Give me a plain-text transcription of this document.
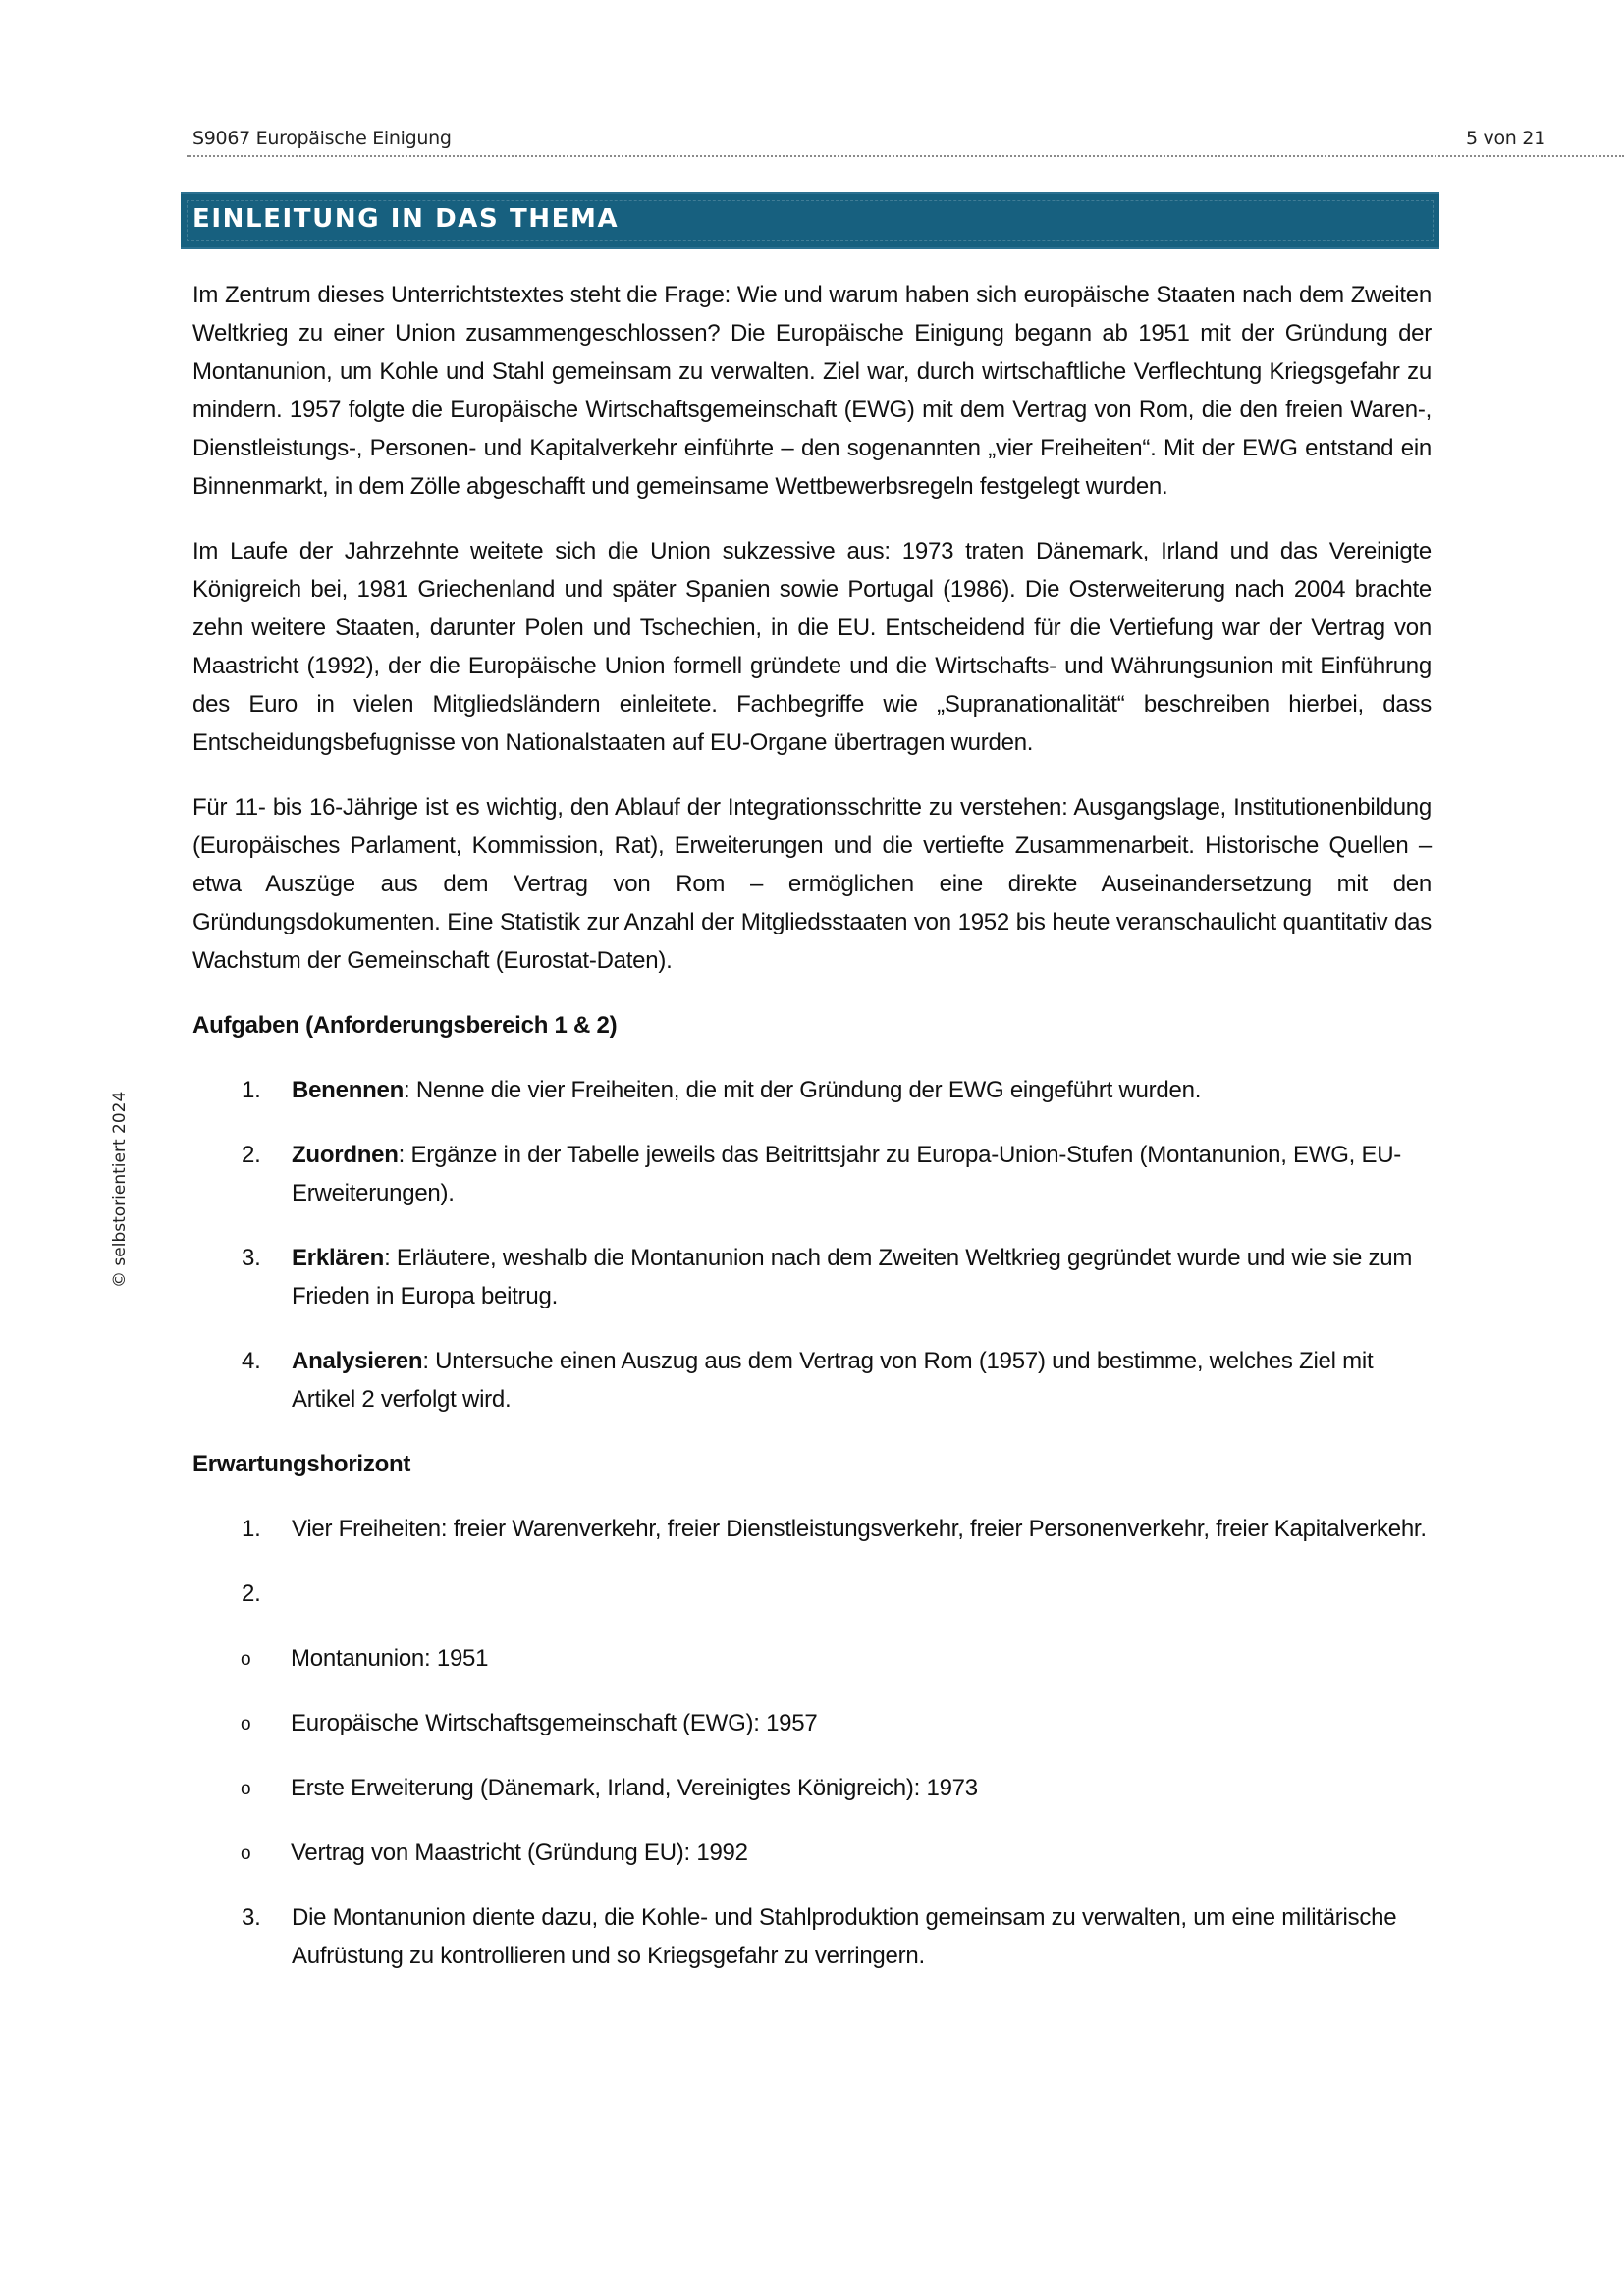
S9067 Europäische Einigung	5 von 21
© selbstorientiert 2024
EINLEITUNG IN DAS THEMA

Im Zentrum dieses Unterrichtstextes steht die Frage: Wie und warum haben sich europäische Staaten nach dem Zweiten Weltkrieg zu einer Union zusammengeschlossen? Die Europäische Einigung begann ab 1951 mit der Gründung der Montanunion, um Kohle und Stahl gemeinsam zu verwalten. Ziel war, durch wirtschaftliche Verflechtung Kriegsgefahr zu mindern. 1957 folgte die Europäische Wirtschaftsgemeinschaft (EWG) mit dem Vertrag von Rom, die den freien Waren-, Dienstleistungs-, Personen- und Kapitalverkehr einführte – den sogenannten „vier Freiheiten“. Mit der EWG entstand ein Binnenmarkt, in dem Zölle abgeschafft und gemeinsame Wettbewerbsregeln festgelegt wurden.

Im Laufe der Jahrzehnte weitete sich die Union sukzessive aus: 1973 traten Dänemark, Irland und das Vereinigte Königreich bei, 1981 Griechenland und später Spanien sowie Portugal (1986). Die Osterweiterung nach 2004 brachte zehn weitere Staaten, darunter Polen und Tschechien, in die EU. Entscheidend für die Vertiefung war der Vertrag von Maastricht (1992), der die Europäische Union formell gründete und die Wirtschafts- und Währungsunion mit Einführung des Euro in vielen Mitgliedsländern einleitete. Fachbegriffe wie „Supranationalität“ beschreiben hierbei, dass Entscheidungsbefugnisse von Nationalstaaten auf EU-Organe übertragen wurden.

Für 11- bis 16-Jährige ist es wichtig, den Ablauf der Integrationsschritte zu verstehen: Ausgangslage, Institutionenbildung (Europäisches Parlament, Kommission, Rat), Erweiterungen und die vertiefte Zusammenarbeit. Historische Quellen – etwa Auszüge aus dem Vertrag von Rom – ermöglichen eine direkte Auseinandersetzung mit den Gründungsdokumenten. Eine Statistik zur Anzahl der Mitgliedsstaaten von 1952 bis heute veranschaulicht quantitativ das Wachstum der Gemeinschaft (Eurostat-Daten).

Aufgaben (Anforderungsbereich 1 & 2)
1. Benennen: Nenne die vier Freiheiten, die mit der Gründung der EWG eingeführt wurden.
2. Zuordnen: Ergänze in der Tabelle jeweils das Beitrittsjahr zu Europa-Union-Stufen (Montanunion, EWG, EU-Erweiterungen).
3. Erklären: Erläutere, weshalb die Montanunion nach dem Zweiten Weltkrieg gegründet wurde und wie sie zum Frieden in Europa beitrug.
4. Analysieren: Untersuche einen Auszug aus dem Vertrag von Rom (1957) und bestimme, welches Ziel mit Artikel 2 verfolgt wird.
Erwartungshorizont
1. Vier Freiheiten: freier Warenverkehr, freier Dienstleistungsverkehr, freier Personenverkehr, freier Kapitalverkehr.
2.
o Montanunion: 1951
o Europäische Wirtschaftsgemeinschaft (EWG): 1957
o Erste Erweiterung (Dänemark, Irland, Vereinigtes Königreich): 1973
o Vertrag von Maastricht (Gründung EU): 1992
3. Die Montanunion diente dazu, die Kohle- und Stahlproduktion gemeinsam zu verwalten, um eine militärische Aufrüstung zu kontrollieren und so Kriegsgefahr zu verringern.
